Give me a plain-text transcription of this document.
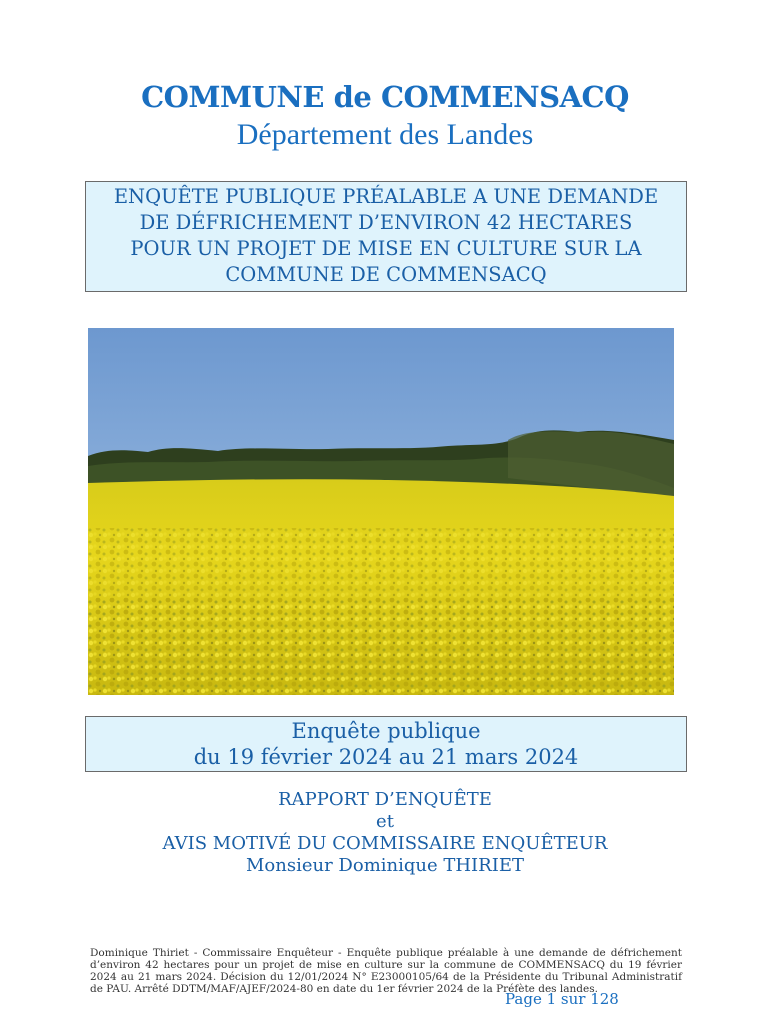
COMMUNE de COMMENSACQ
Département des Landes
ENQUÊTE PUBLIQUE PRÉALABLE A UNE DEMANDE
DE DÉFRICHEMENT D’ENVIRON 42 HECTARES
POUR UN PROJET DE MISE EN CULTURE SUR LA
COMMUNE DE COMMENSACQ
Enquête publique
du 19 février 2024 au 21 mars 2024
RAPPORT D’ENQUÊTE
et
AVIS MOTIVÉ DU COMMISSAIRE ENQUÊTEUR
Monsieur Dominique THIRIET
Dominique Thiriet - Commissaire Enquêteur - Enquête publique préalable à une demande de défrichement d’environ 42 hectares pour un projet de mise en culture sur la commune de COMMENSACQ du 19 février 2024 au 21 mars 2024. Décision du 12/01/2024 N° E23000105/64 de la Présidente du Tribunal Administratif de PAU. Arrêté DDTM/MAF/AJEF/2024-80 en date du 1er février 2024 de la Préfète des landes.
Page 1 sur 128
